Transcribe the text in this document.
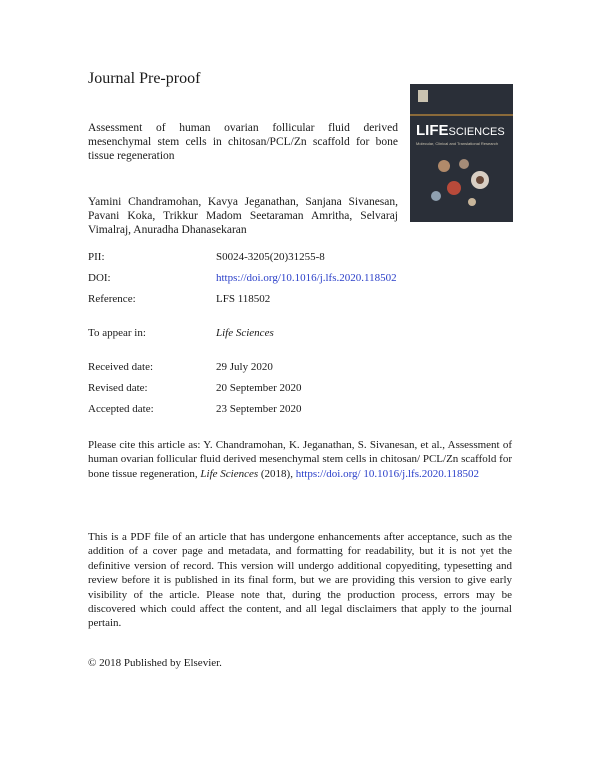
Journal Pre-proof
Assessment of human ovarian follicular fluid derived mesenchymal stem cells in chitosan/PCL/Zn scaffold for bone tissue regeneration
Yamini Chandramohan, Kavya Jeganathan, Sanjana Sivanesan, Pavani Koka, Trikkur Madom Seetaraman Amritha, Selvaraj Vimalraj, Anuradha Dhanasekaran
LIFESCIENCES
Molecular, Clinical and Translational Research
PII:	S0024-3205(20)31255-8
DOI:	https://doi.org/10.1016/j.lfs.2020.118502
Reference:	LFS 118502
To appear in:	Life Sciences
Received date:	29 July 2020
Revised date:	20 September 2020
Accepted date:	23 September 2020
Please cite this article as: Y. Chandramohan, K. Jeganathan, S. Sivanesan, et al., Assessment of human ovarian follicular fluid derived mesenchymal stem cells in chitosan/ PCL/Zn scaffold for bone tissue regeneration, Life Sciences (2018), https://doi.org/ 10.1016/j.lfs.2020.118502
This is a PDF file of an article that has undergone enhancements after acceptance, such as the addition of a cover page and metadata, and formatting for readability, but it is not yet the definitive version of record. This version will undergo additional copyediting, typesetting and review before it is published in its final form, but we are providing this version to give early visibility of the article. Please note that, during the production process, errors may be discovered which could affect the content, and all legal disclaimers that apply to the journal pertain.
© 2018 Published by Elsevier.
